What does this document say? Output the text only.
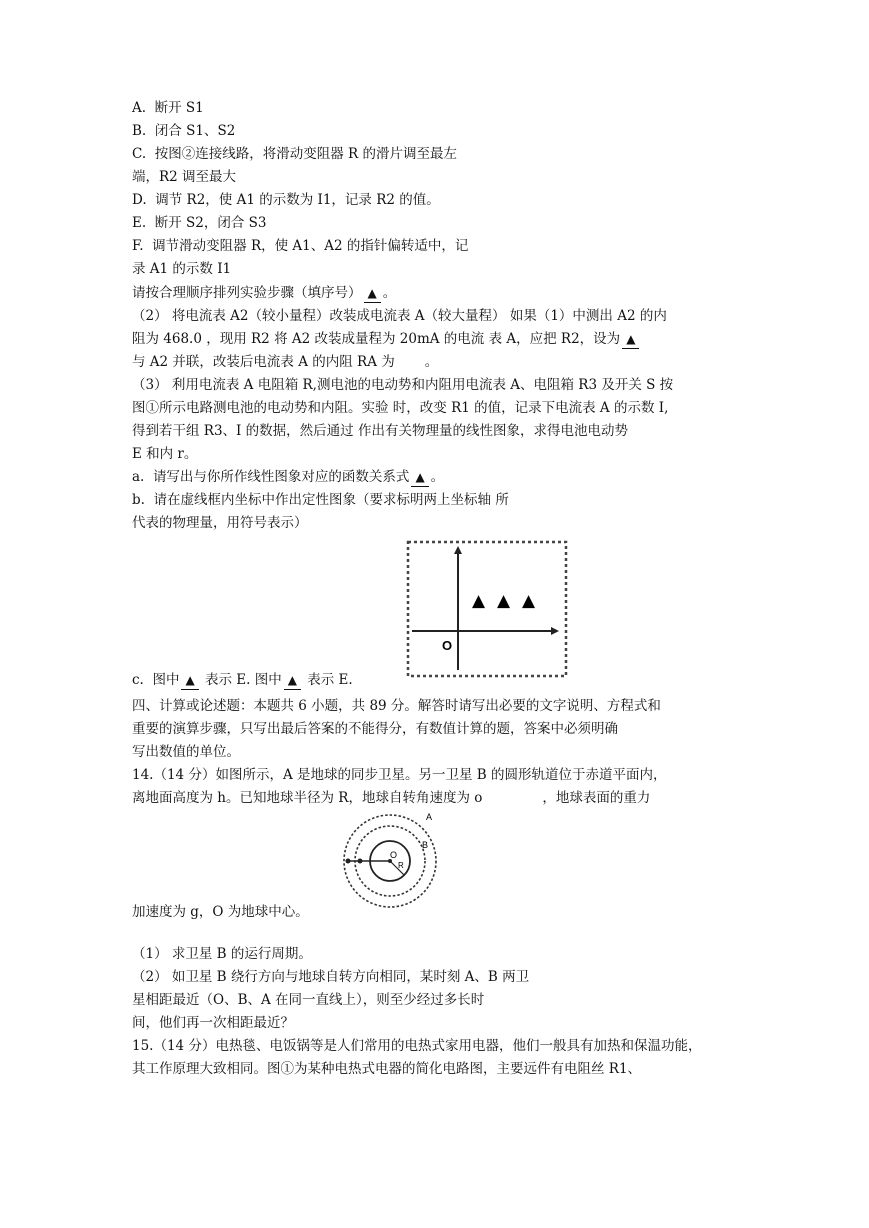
A. 断开 S1
B. 闭合 S1、S2
C. 按图②连接线路，将滑动变阻器 R 的滑片调至最左
端，R2 调至最大
D. 调节 R2，使 A1 的示数为 I1，记录 R2 的值。
E. 断开 S2，闭合 S3
F. 调节滑动变阻器 R，使 A1、A2 的指针偏转适中，记
录 A1 的示数 I1
请按合理顺序排列实验步骤（填序号） ▲ 。
（2） 将电流表 A2（较小量程）改装成电流表 A（较大量程） 如果（1）中测出 A2 的内
阻为 468.0 ，现用 R2 将 A2 改装成量程为 20mA 的电流 表 A，应把 R2，设为 ▲
与 A2 并联，改装后电流表 A 的内阻 RA 为 。
（3） 利用电流表 A 电阻箱 R,测电池的电动势和内阻用电流表 A、电阻箱 R3 及开关 S 按
图①所示电路测电池的电动势和内阻。实验 时，改变 R1 的值，记录下电流表 A 的示数 I,
得到若干组 R3、I 的数据，然后通过 作出有关物理量的线性图象，求得电池电动势
E 和内 r。
a. 请写出与你所作线性图象对应的函数关系式 ▲ 。
b. 请在虚线框内坐标中作出定性图象（要求标明两上坐标轴 所
代表的物理量，用符号表示）
O
▲ ▲ ▲
c. 图中 ▲ 表示 E. 图中 ▲ 表示 E.
四、计算或论述题：本题共 6 小题，共 89 分。解答时请写出必要的文字说明、方程式和
重要的演算步骤，只写出最后答案的不能得分，有数值计算的题，答案中必须明确
写出数值的单位。
14.（14 分）如图所示，A 是地球的同步卫星。另一卫星 B 的圆形轨道位于赤道平面内，
离地面高度为 h。已知地球半径为 R，地球自转角速度为 o	，地球表面的重力
A
B
O
R
加速度为 g，O 为地球中心。
（1） 求卫星 B 的运行周期。
（2） 如卫星 B 绕行方向与地球自转方向相同，某时刻 A、B 两卫
星相距最近（O、B、A 在同一直线上），则至少经过多长时
间，他们再一次相距最近？
15.（14 分）电热毯、电饭锅等是人们常用的电热式家用电器，他们一般具有加热和保温功能，
其工作原理大致相同。图①为某种电热式电器的简化电路图，主要远件有电阻丝 R1、
